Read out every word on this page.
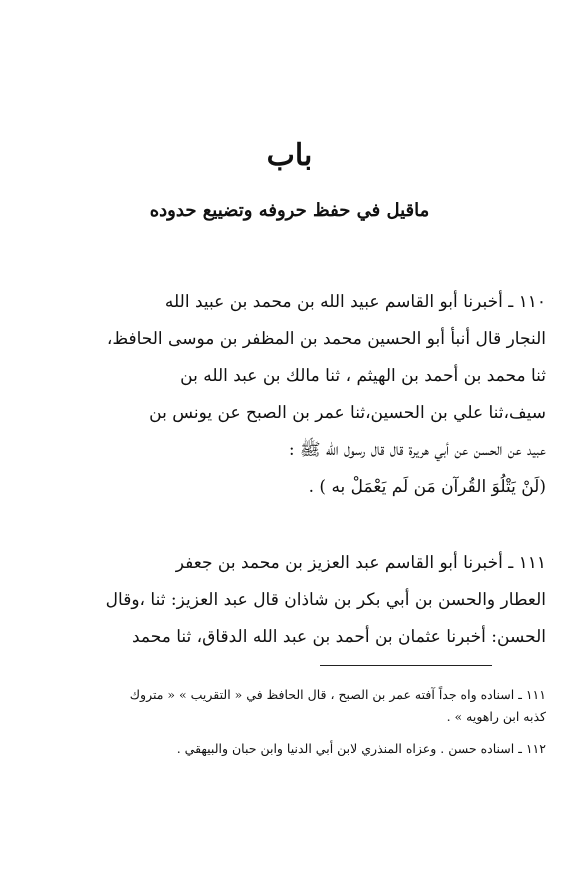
باب
ماقيل في حفظ حروفه وتضييع حدوده
١١٠ ـ أخبرنا أبو القاسم عبيد الله بن محمد بن عبيد الله
النجار قال أنبأ أبو الحسين محمد بن المظفر بن موسى الحافظ،
ثنا محمد بن أحمد بن الهيثم ، ثنا مالك بن عبد الله بن
سيف،ثنا علي بن الحسين،ثنا عمر بن الصبح عن يونس بن
عبيد عن الحسن عن أبي هريرة قال قال رسول الله ﷺ :
(لَنْ يَتْلُوَ القُرآن مَن لَم يَعْمَلْ به ) .
١١١ ـ أخبرنا أبو القاسم عبد العزيز بن محمد بن جعفر
العطار والحسن بن أبي بكر بن شاذان قال عبد العزيز: ثنا ،وقال
الحسن: أخبرنا عثمان بن أحمد بن عبد الله الدقاق، ثنا محمد
١١١ ـ اسناده واه جداً آفته عمر بن الصبح ، قال الحافظ في « التقريب » « متروك
كذبه ابن راهويه » .
١١٢ ـ اسناده حسن . وعزاه المنذري لابن أبي الدنيا وابن حبان والبيهقي .
